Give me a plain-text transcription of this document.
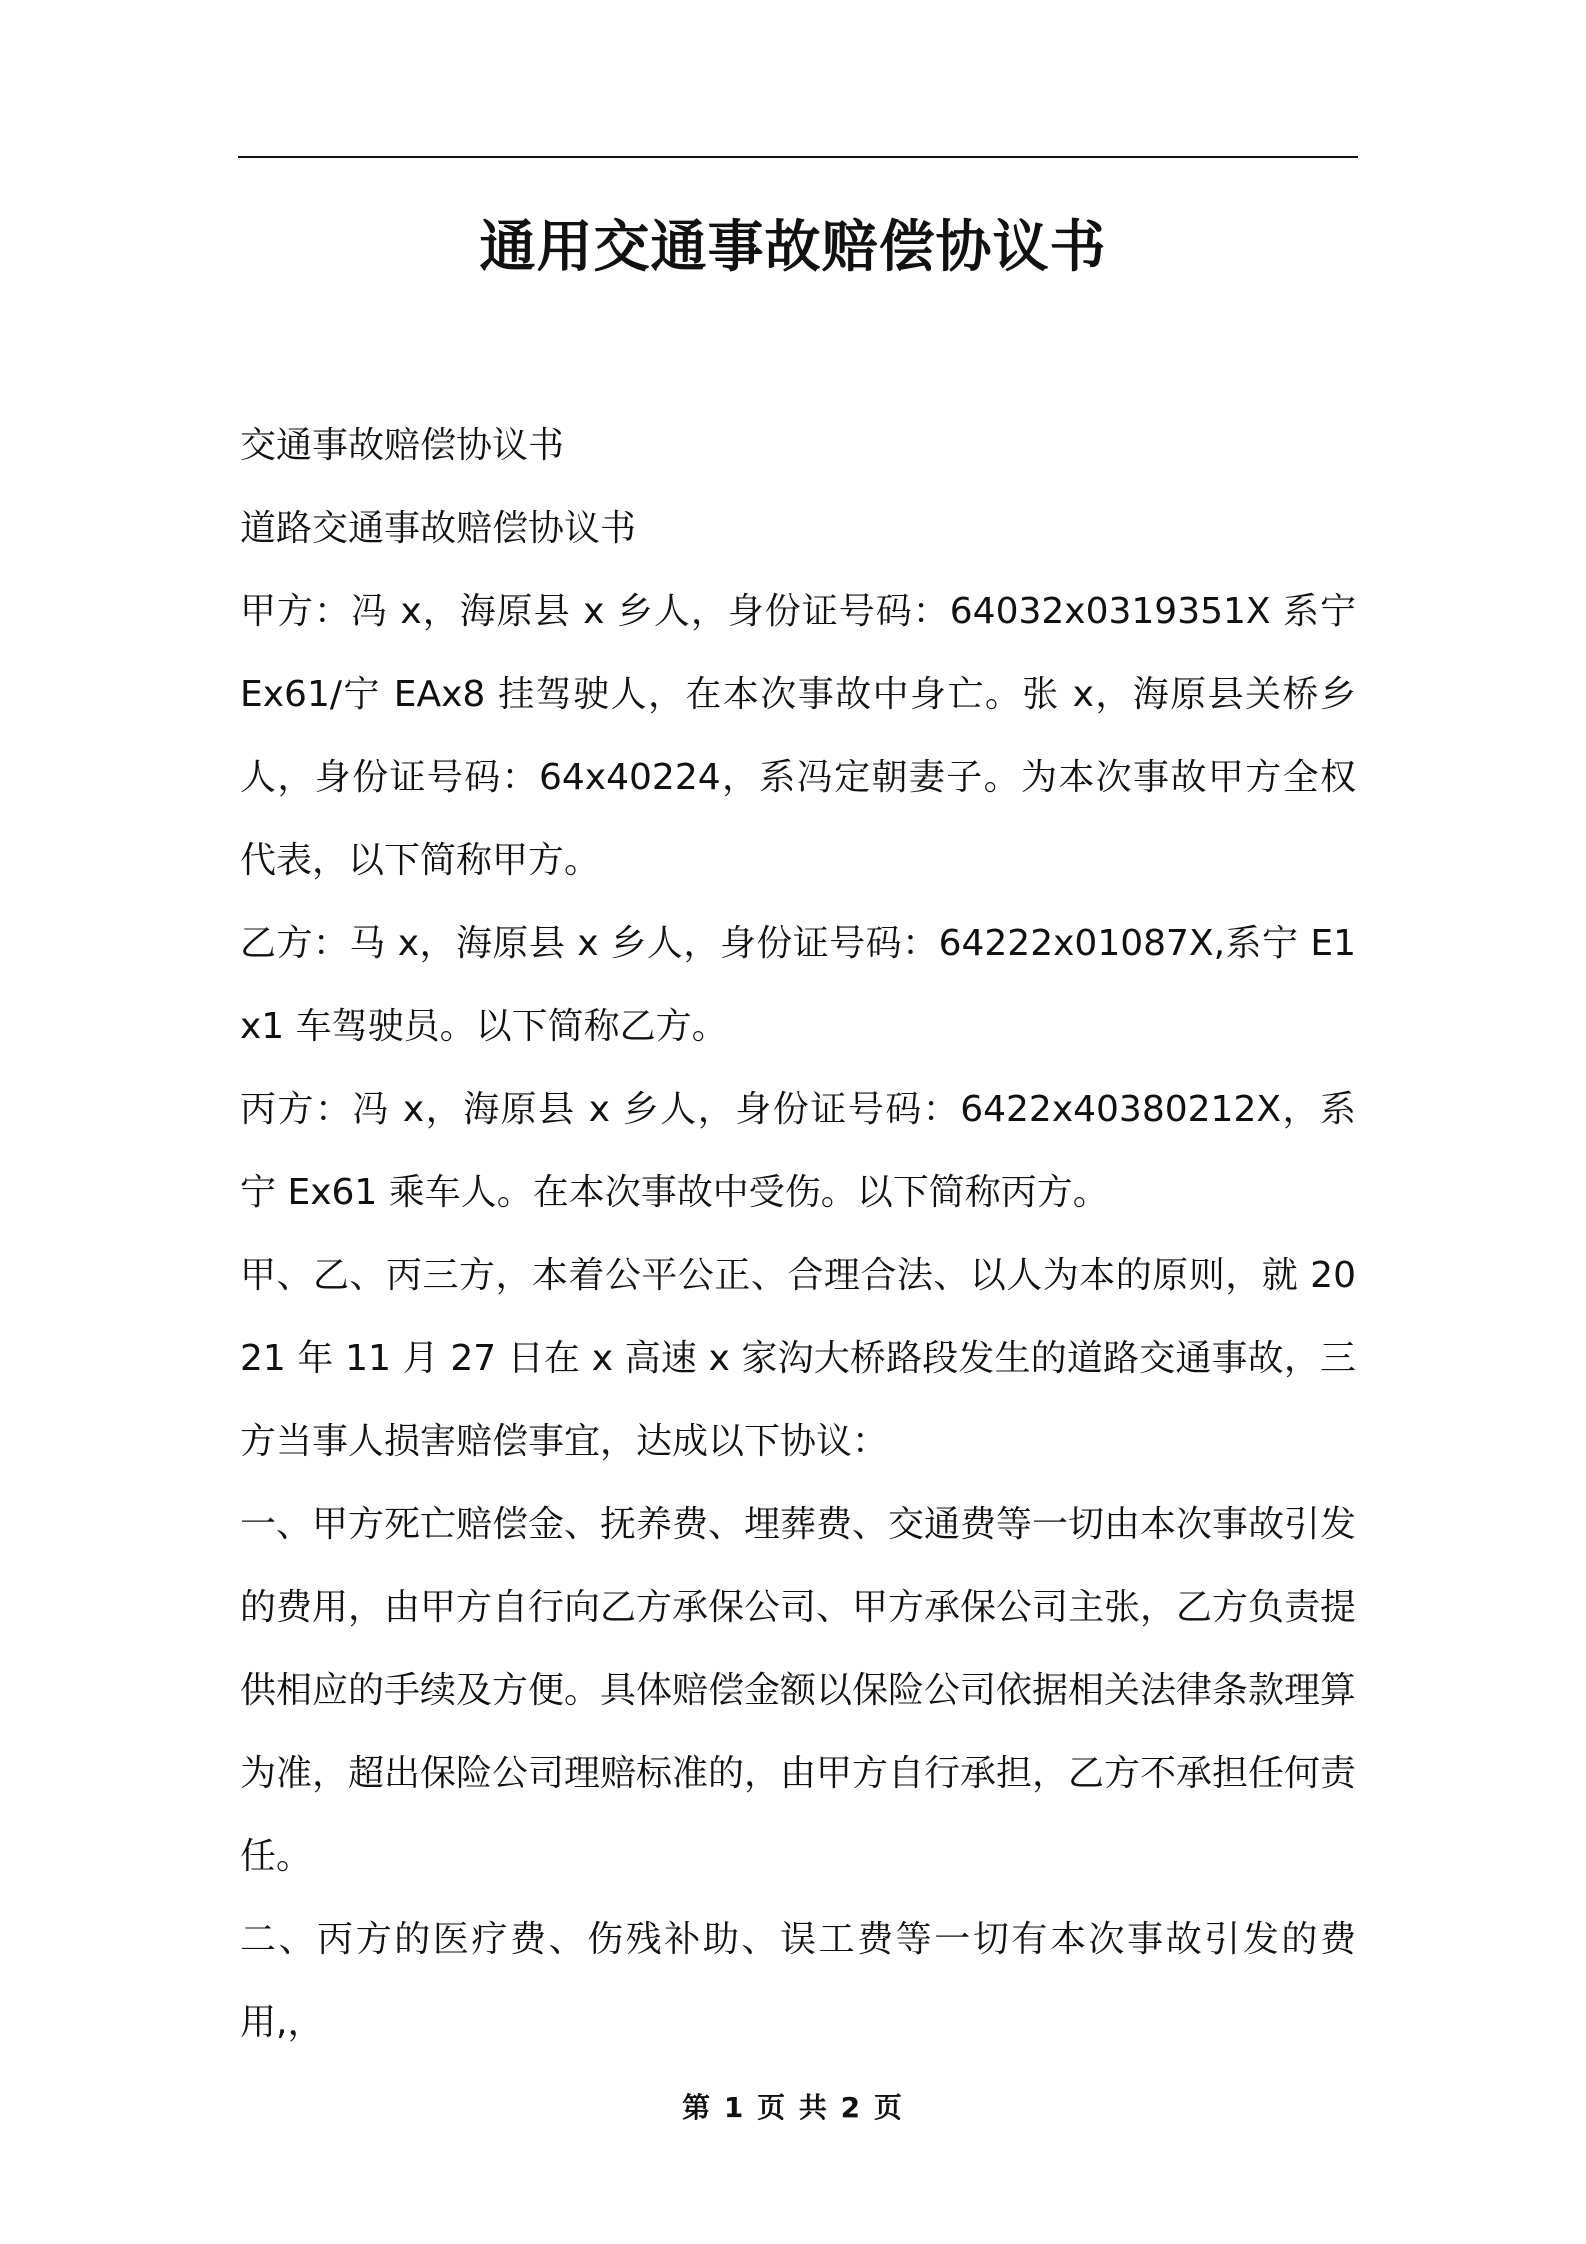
通用交通事故赔偿协议书

交通事故赔偿协议书

道路交通事故赔偿协议书

甲方：冯 x，海原县 x 乡人，身份证号码：64032x0319351X 系宁 Ex61/宁 EAx8 挂驾驶人，在本次事故中身亡。张 x，海原县关桥乡人，身份证号码：64x40224，系冯定朝妻子。为本次事故甲方全权代表，以下简称甲方。

乙方：马 x，海原县 x 乡人，身份证号码：64222x01087X,系宁 E1x1 车驾驶员。以下简称乙方。

丙方：冯 x，海原县 x 乡人，身份证号码：6422x40380212X，系宁 Ex61 乘车人。在本次事故中受伤。以下简称丙方。

甲、乙、丙三方，本着公平公正、合理合法、以人为本的原则，就 2021 年 11 月 27 日在 x 高速 x 家沟大桥路段发生的道路交通事故，三方当事人损害赔偿事宜，达成以下协议：

一、甲方死亡赔偿金、抚养费、埋葬费、交通费等一切由本次事故引发的费用，由甲方自行向乙方承保公司、甲方承保公司主张，乙方负责提供相应的手续及方便。具体赔偿金额以保险公司依据相关法律条款理算为准，超出保险公司理赔标准的，由甲方自行承担，乙方不承担任何责任。

二、丙方的医疗费、伤残补助、误工费等一切有本次事故引发的费用,，

第 1 页 共 2 页
